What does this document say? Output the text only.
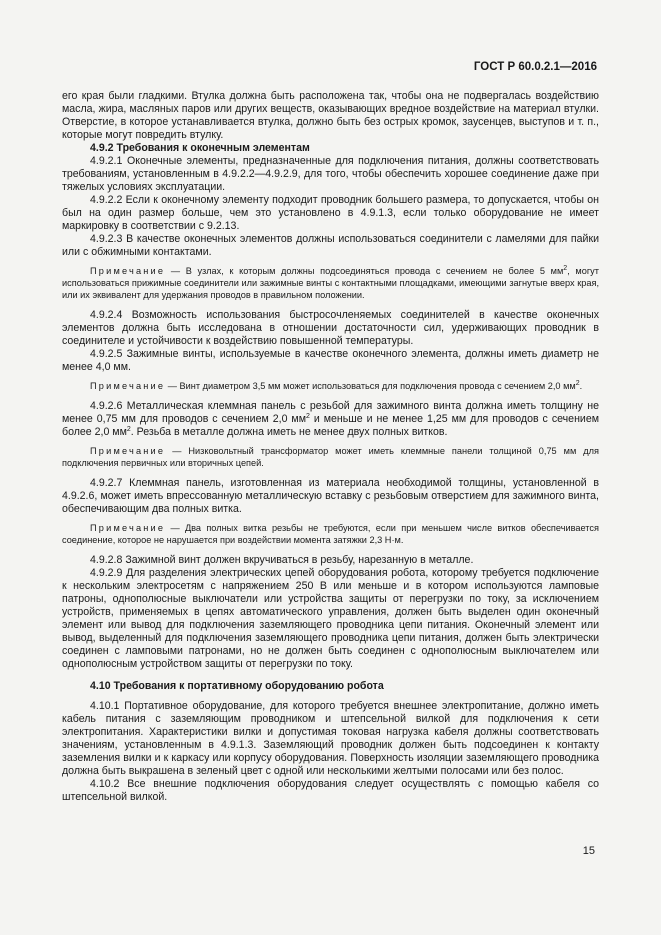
ГОСТ Р 60.0.2.1—2016

его края были гладкими. Втулка должна быть расположена так, чтобы она не подвергалась воздействию масла, жира, масляных паров или других веществ, оказывающих вредное воздействие на материал втулки. Отверстие, в которое устанавливается втулка, должно быть без острых кромок, заусенцев, выступов и т. п., которые могут повредить втулку.

4.9.2 Требования к оконечным элементам

4.9.2.1 Оконечные элементы, предназначенные для подключения питания, должны соответствовать требованиям, установленным в 4.9.2.2—4.9.2.9, для того, чтобы обеспечить хорошее соединение даже при тяжелых условиях эксплуатации.

4.9.2.2 Если к оконечному элементу подходит проводник большего размера, то допускается, чтобы он был на один размер больше, чем это установлено в 4.9.1.3, если только оборудование не имеет маркировку в соответствии с 9.2.13.

4.9.2.3 В качестве оконечных элементов должны использоваться соединители с ламелями для пайки или с обжимными контактами.

Примечание — В узлах, к которым должны подсоединяться провода с сечением не более 5 $мм^2$, могут использоваться прижимные соединители или зажимные винты с контактными площадками, имеющими загнутые вверх края, или их эквивалент для удержания проводов в правильном положении.

4.9.2.4 Возможность использования быстросочленяемых соединителей в качестве оконечных элементов должна быть исследована в отношении достаточности сил, удерживающих проводник в соединителе и устойчивости к воздействию повышенной температуры.

4.9.2.5 Зажимные винты, используемые в качестве оконечного элемента, должны иметь диаметр не менее 4,0 мм.

Примечание — Винт диаметром 3,5 мм может использоваться для подключения провода с сечением 2,0 $мм^2$.

4.9.2.6 Металлическая клеммная панель с резьбой для зажимного винта должна иметь толщину не менее 0,75 мм для проводов с сечением 2,0 $мм^2$ и меньше и не менее 1,25 мм для проводов с сечением более 2,0 $мм^2$. Резьба в металле должна иметь не менее двух полных витков.

Примечание — Низковольтный трансформатор может иметь клеммные панели толщиной 0,75 мм для подключения первичных или вторичных цепей.

4.9.2.7 Клеммная панель, изготовленная из материала необходимой толщины, установленной в 4.9.2.6, может иметь впрессованную металлическую вставку с резьбовым отверстием для зажимного винта, обеспечивающим два полных витка.

Примечание — Два полных витка резьбы не требуются, если при меньшем числе витков обеспечивается соединение, которое не нарушается при воздействии момента затяжки 2,3 Н·м.

4.9.2.8 Зажимной винт должен вкручиваться в резьбу, нарезанную в металле.

4.9.2.9 Для разделения электрических цепей оборудования робота, которому требуется подключение к нескольким электросетям с напряжением 250 В или меньше и в котором используются ламповые патроны, однополюсные выключатели или устройства защиты от перегрузки по току, за исключением устройств, применяемых в цепях автоматического управления, должен быть выделен один оконечный элемент или вывод для подключения заземляющего проводника цепи питания. Оконечный элемент или вывод, выделенный для подключения заземляющего проводника цепи питания, должен быть электрически соединен с ламповыми патронами, но не должен быть соединен с однополюсным выключателем или однополюсным устройством защиты от перегрузки по току.

4.10 Требования к портативному оборудованию робота

4.10.1 Портативное оборудование, для которого требуется внешнее электропитание, должно иметь кабель питания с заземляющим проводником и штепсельной вилкой для подключения к сети электропитания. Характеристики вилки и допустимая токовая нагрузка кабеля должны соответствовать значениям, установленным в 4.9.1.3. Заземляющий проводник должен быть подсоединен к контакту заземления вилки и к каркасу или корпусу оборудования. Поверхность изоляции заземляющего проводника должна быть выкрашена в зеленый цвет с одной или несколькими желтыми полосами или без полос.

4.10.2 Все внешние подключения оборудования следует осуществлять с помощью кабеля со штепсельной вилкой.

15
